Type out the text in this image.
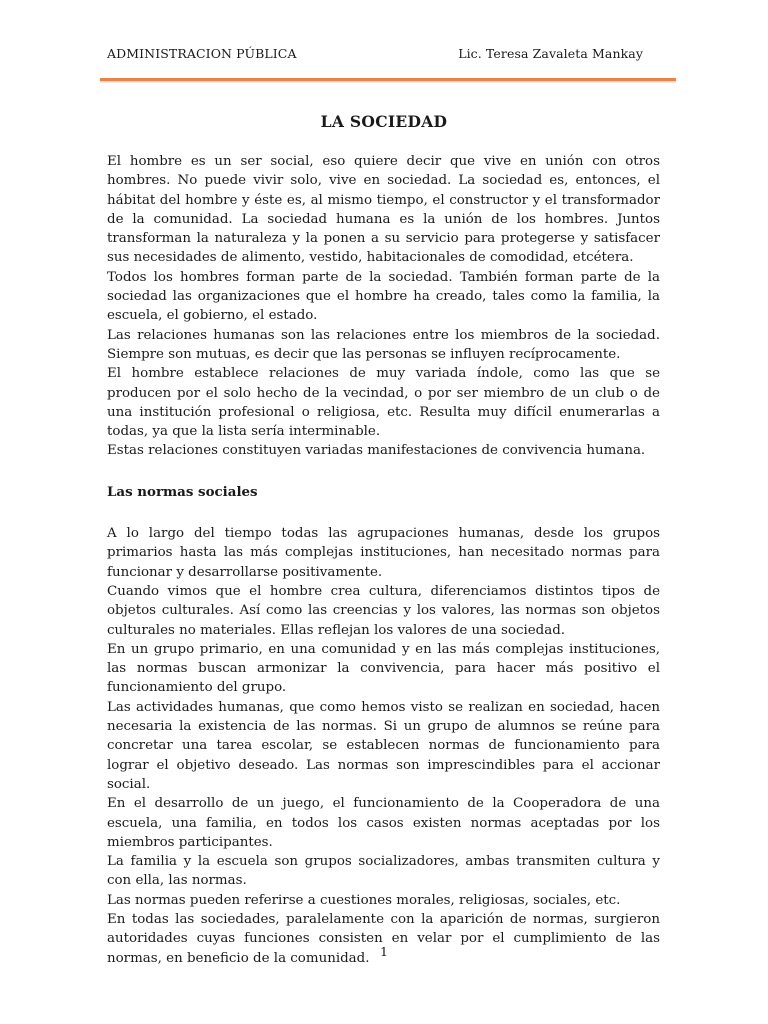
ADMINISTRACION PÚBLICA	Lic. Teresa Zavaleta Mankay
LA SOCIEDAD

El hombre es un ser social, eso quiere decir que vive en unión con otros hombres. No puede vivir solo, vive en sociedad. La sociedad es, entonces, el hábitat del hombre y éste es, al mismo tiempo, el constructor y el transformador de la comunidad. La sociedad humana es la unión de los hombres. Juntos transforman la naturaleza y la ponen a su servicio para protegerse y satisfacer sus necesidades de alimento, vestido, habitacionales de comodidad, etcétera.

Todos los hombres forman parte de la sociedad. También forman parte de la sociedad las organizaciones que el hombre ha creado, tales como la familia, la escuela, el gobierno, el estado.

Las relaciones humanas son las relaciones entre los miembros de la sociedad. Siempre son mutuas, es decir que las personas se influyen recíprocamente.

El hombre establece relaciones de muy variada índole, como las que se producen por el solo hecho de la vecindad, o por ser miembro de un club o de una institución profesional o religiosa, etc. Resulta muy difícil enumerarlas a todas, ya que la lista sería interminable.

Estas relaciones constituyen variadas manifestaciones de convivencia humana.

Las normas sociales

A lo largo del tiempo todas las agrupaciones humanas, desde los grupos primarios hasta las más complejas instituciones, han necesitado normas para funcionar y desarrollarse positivamente.

Cuando vimos que el hombre crea cultura, diferenciamos distintos tipos de objetos culturales. Así como las creencias y los valores, las normas son objetos culturales no materiales. Ellas reflejan los valores de una sociedad.

En un grupo primario, en una comunidad y en las más complejas instituciones, las normas buscan armonizar la convivencia, para hacer más positivo el funcionamiento del grupo.

Las actividades humanas, que como hemos visto se realizan en sociedad, hacen necesaria la existencia de las normas. Si un grupo de alumnos se reúne para concretar una tarea escolar, se establecen normas de funcionamiento para lograr el objetivo deseado. Las normas son imprescindibles para el accionar social.

En el desarrollo de un juego, el funcionamiento de la Cooperadora de una escuela, una familia, en todos los casos existen normas aceptadas por los miembros participantes.

La familia y la escuela son grupos socializadores, ambas transmiten cultura y con ella, las normas.

Las normas pueden referirse a cuestiones morales, religiosas, sociales, etc.

En todas las sociedades, paralelamente con la aparición de normas, surgieron autoridades cuyas funciones consisten en velar por el cumplimiento de las normas, en beneficio de la comunidad. 1
